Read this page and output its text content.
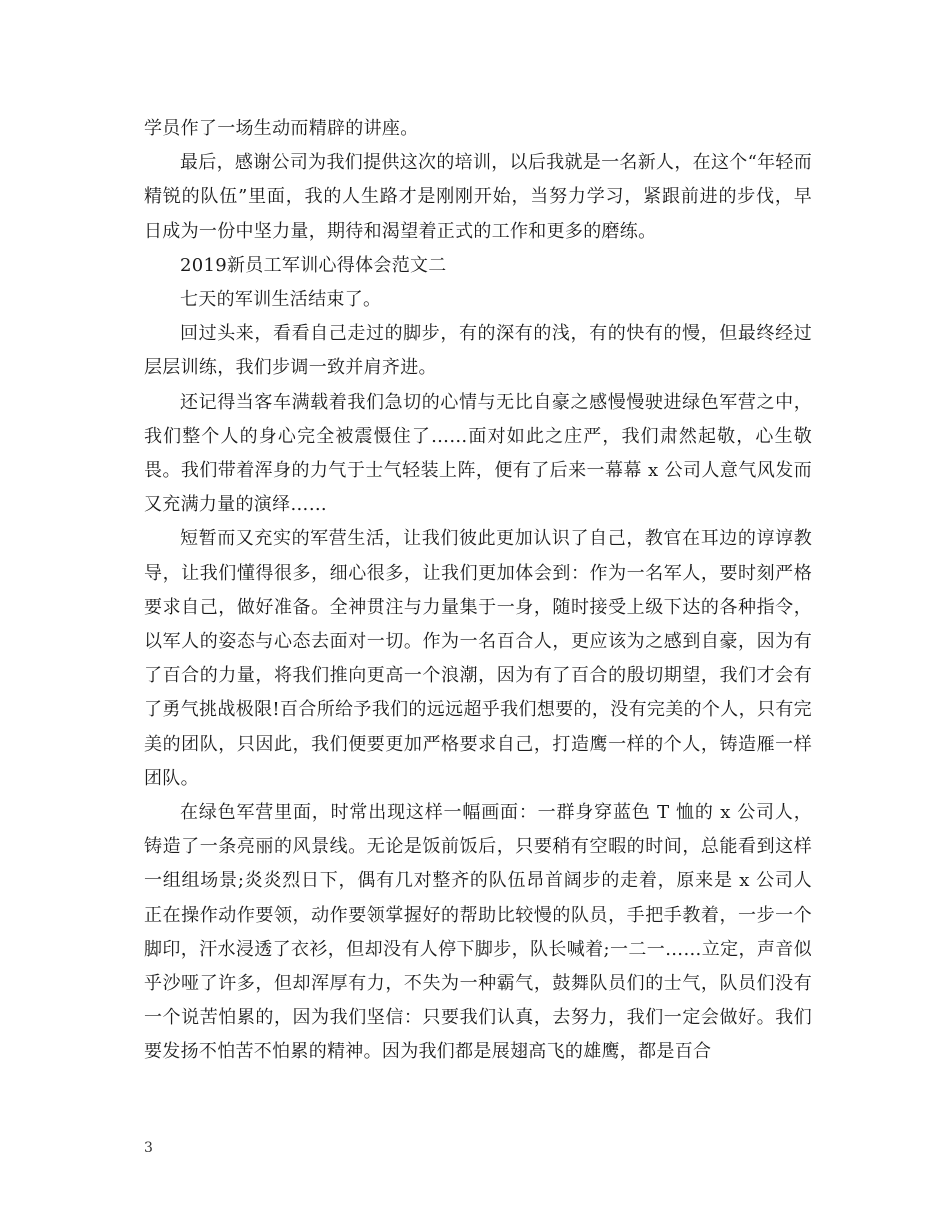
学员作了一场生动而精辟的讲座。

最后，感谢公司为我们提供这次的培训，以后我就是一名新人，在这个“年轻而精锐的队伍”里面，我的人生路才是刚刚开始，当努力学习，紧跟前进的步伐，早日成为一份中坚力量，期待和渴望着正式的工作和更多的磨练。

2019新员工军训心得体会范文二

七天的军训生活结束了。

回过头来，看看自己走过的脚步，有的深有的浅，有的快有的慢，但最终经过层层训练，我们步调一致并肩齐进。

还记得当客车满载着我们急切的心情与无比自豪之感慢慢驶进绿色军营之中，我们整个人的身心完全被震慑住了……面对如此之庄严，我们肃然起敬，心生敬畏。我们带着浑身的力气于士气轻装上阵，便有了后来一幕幕 x 公司人意气风发而又充满力量的演绎……

短暂而又充实的军营生活，让我们彼此更加认识了自己，教官在耳边的谆谆教导，让我们懂得很多，细心很多，让我们更加体会到：作为一名军人，要时刻严格要求自己，做好准备。全神贯注与力量集于一身，随时接受上级下达的各种指令，以军人的姿态与心态去面对一切。作为一名百合人，更应该为之感到自豪，因为有了百合的力量，将我们推向更高一个浪潮，因为有了百合的殷切期望，我们才会有了勇气挑战极限!百合所给予我们的远远超乎我们想要的，没有完美的个人，只有完美的团队，只因此，我们便要更加严格要求自己，打造鹰一样的个人，铸造雁一样团队。

在绿色军营里面，时常出现这样一幅画面：一群身穿蓝色 T 恤的 x 公司人，铸造了一条亮丽的风景线。无论是饭前饭后，只要稍有空暇的时间，总能看到这样一组组场景;炎炎烈日下，偶有几对整齐的队伍昂首阔步的走着，原来是 x 公司人正在操作动作要领，动作要领掌握好的帮助比较慢的队员，手把手教着，一步一个脚印，汗水浸透了衣衫，但却没有人停下脚步，队长喊着;一二一……立定，声音似乎沙哑了许多，但却浑厚有力，不失为一种霸气，鼓舞队员们的士气，队员们没有一个说苦怕累的，因为我们坚信：只要我们认真，去努力，我们一定会做好。我们要发扬不怕苦不怕累的精神。因为我们都是展翅高飞的雄鹰，都是百合

3
